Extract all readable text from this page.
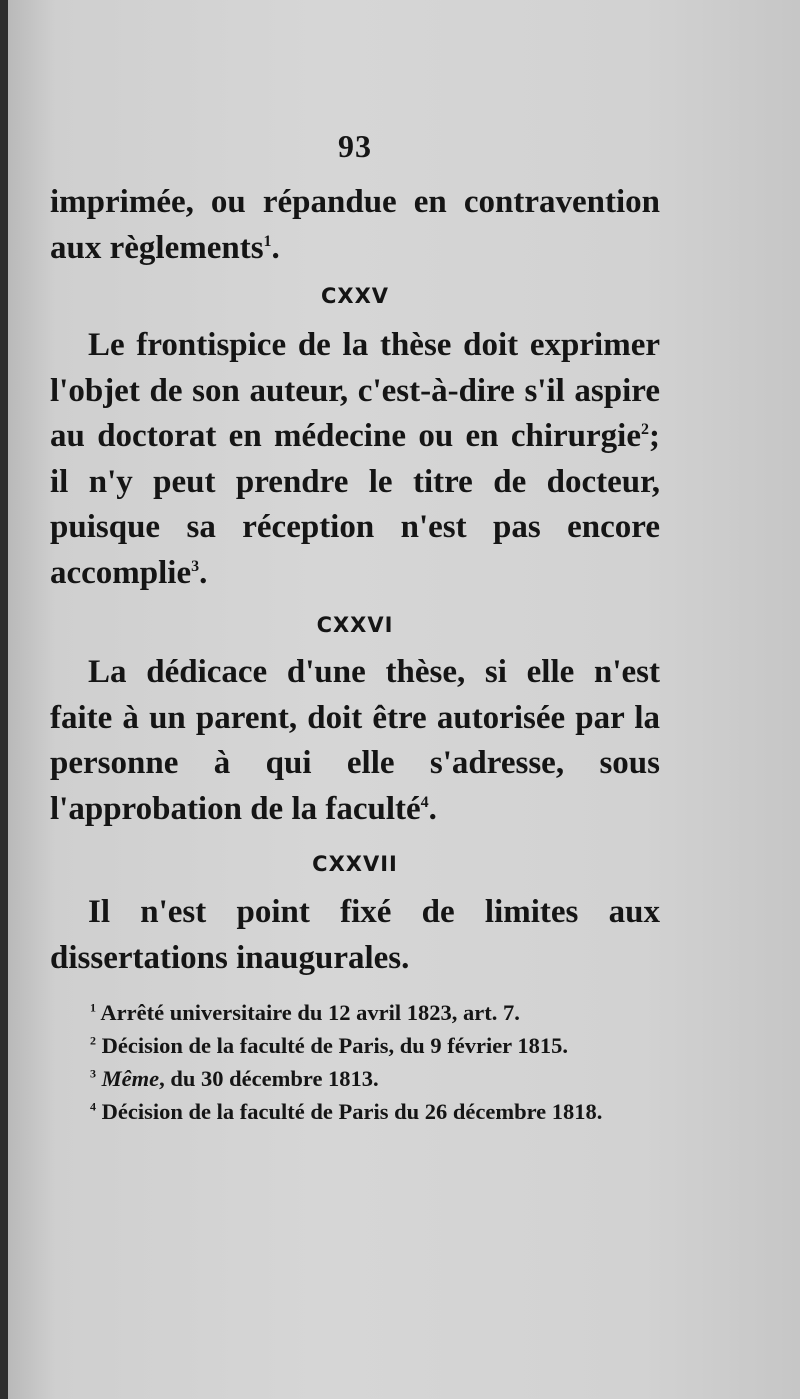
93

imprimée, ou répandue en contravention aux règlements$^1$.

CXXV

Le frontispice de la thèse doit exprimer l'objet de son auteur, c'est-à-dire s'il aspire au doctorat en médecine ou en chirurgie$^2$; il n'y peut prendre le titre de docteur, puisque sa réception n'est pas encore accomplie$^3$.

CXXVI

La dédicace d'une thèse, si elle n'est faite à un parent, doit être autorisée par la personne à qui elle s'adresse, sous l'approbation de la faculté$^4$.

CXXVII

Il n'est point fixé de limites aux dissertations inaugurales.

$^1$ Arrêté universitaire du 12 avril 1823, art. 7.

$^2$ Décision de la faculté de Paris, du 9 février 1815.

$^3$ Même, du 30 décembre 1813.

$^4$ Décision de la faculté de Paris du 26 décembre 1818.
